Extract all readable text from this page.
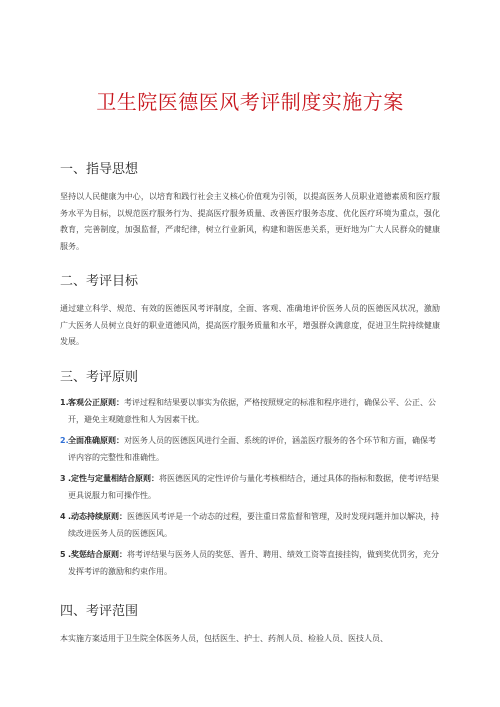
卫生院医德医风考评制度实施方案

一、指导思想

坚持以人民健康为中心，以培育和践行社会主义核心价值观为引领，以提高医务人员职业道德素质和医疗服务水平为目标，以规范医疗服务行为、提高医疗服务质量、改善医疗服务态度、优化医疗环境为重点，强化教育，完善制度，加强监督，严肃纪律，树立行业新风，构建和谐医患关系，更好地为广大人民群众的健康服务。

二、考评目标

通过建立科学、规范、有效的医德医风考评制度，全面、客观、准确地评价医务人员的医德医风状况，激励广大医务人员树立良好的职业道德风尚，提高医疗服务质量和水平，增强群众满意度，促进卫生院持续健康发展。

三、考评原则

1. 客观公正原则：考评过程和结果要以事实为依据，严格按照规定的标准和程序进行，确保公平、公正、公开，避免主观随意性和人为因素干扰。
2. 全面准确原则：对医务人员的医德医风进行全面、系统的评价，涵盖医疗服务的各个环节和方面，确保考评内容的完整性和准确性。
3 .定性与定量相结合原则：将医德医风的定性评价与量化考核相结合，通过具体的指标和数据，使考评结果更具说服力和可操作性。
4 .动态持续原则：医德医风考评是一个动态的过程，要注重日常监督和管理，及时发现问题并加以解决，持续改进医务人员的医德医风。
5 .奖惩结合原则：将考评结果与医务人员的奖惩、晋升、聘用、绩效工资等直接挂钩，做到奖优罚劣，充分发挥考评的激励和约束作用。

四、考评范围

本实施方案适用于卫生院全体医务人员，包括医生、护士、药剂人员、检验人员、医技人员、
